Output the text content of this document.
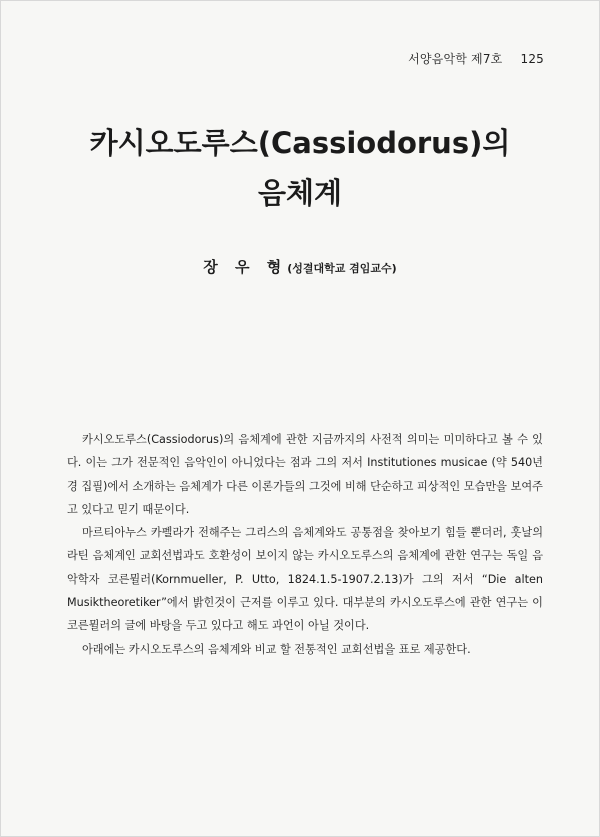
서양음악학 제7호 125
카시오도루스(Cassiodorus)의
음체계
장 우 형(성결대학교 겸임교수)

카시오도루스(Cassiodorus)의 음체계에 관한 지금까지의 사전적 의미는 미미하다고 볼 수 있다. 이는 그가 전문적인 음악인이 아니었다는 점과 그의 저서 Institutiones musicae (약 540년경 집필)에서 소개하는 음체계가 다른 이론가들의 그것에 비해 단순하고 피상적인 모습만을 보여주고 있다고 믿기 때문이다.

마르티아누스 카펠라가 전해주는 그리스의 음체계와도 공통점을 찾아보기 힘들 뿐더러, 훗날의 라틴 음체계인 교회선법과도 호환성이 보이지 않는 카시오도루스의 음체계에 관한 연구는 독일 음악학자 코른뮐러(Kornmueller, P. Utto, 1824.1.5-1907.2.13)가 그의 저서 “Die alten Musiktheoretiker”에서 밝힌것이 근저를 이루고 있다. 대부분의 카시오도루스에 관한 연구는 이 코른뮐러의 글에 바탕을 두고 있다고 해도 과언이 아닐 것이다.

아래에는 카시오도루스의 음체계와 비교 할 전통적인 교회선법을 표로 제공한다.
